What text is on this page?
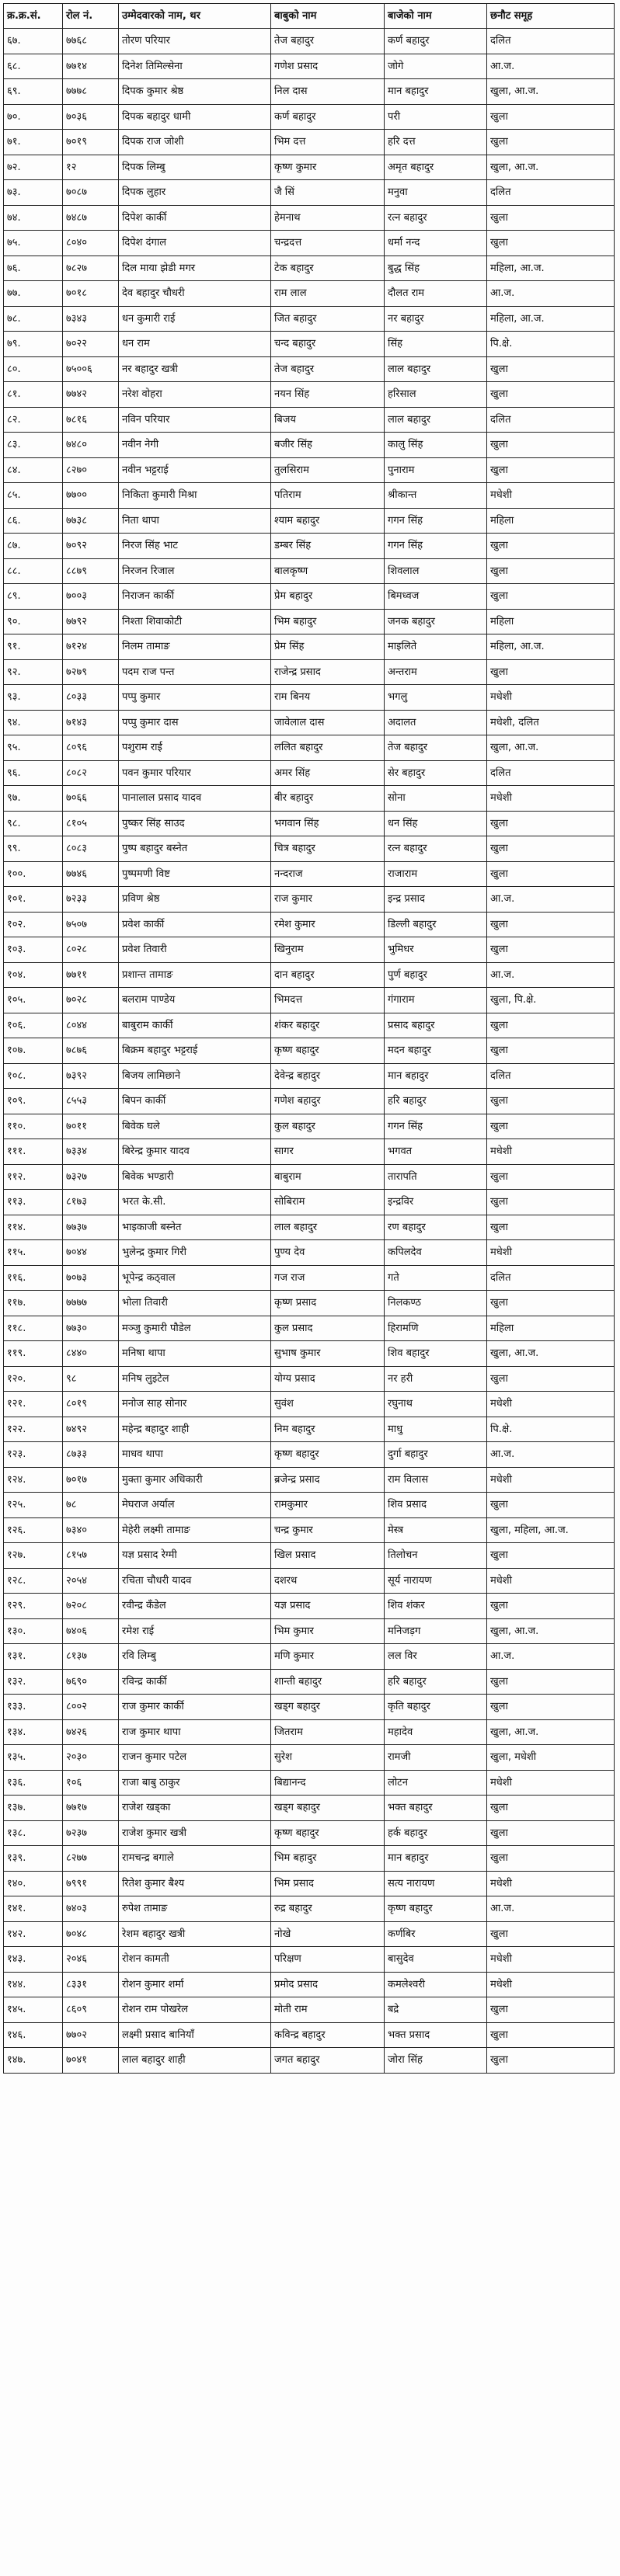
क्र.क्र.सं.	रोल नं.	उम्मेदवारको नाम, थर	बाबुको नाम	बाजेको नाम	छनौट समूह
६७.	७७६८	तोरण परियार	तेज बहादुर	कर्ण बहादुर	दलित
६८.	७७१४	दिनेश तिमिल्सेना	गणेश प्रसाद	जोगे	आ.ज.
६९.	७७७८	दिपक कुमार श्रेष्ठ	निल दास	मान बहादुर	खुला, आ.ज.
७०.	७०३६	दिपक बहादुर धामी	कर्ण बहादुर	परी	खुला
७१.	७०१९	दिपक राज जोशी	भिम दत्त	हरि दत्त	खुला
७२.	१२	दिपक लिम्बु	कृष्ण कुमार	अमृत बहादुर	खुला, आ.ज.
७३.	७०८७	दिपक लुहार	जै सिं	मनुवा	दलित
७४.	७४८७	दिपेश कार्की	हेमनाथ	रत्न बहादुर	खुला
७५.	८०४०	दिपेश दंगाल	चन्द्रदत्त	धर्मा नन्द	खुला
७६.	७८२७	दिल माया झेडी मगर	टेक बहादुर	बुद्ध सिंह	महिला, आ.ज.
७७.	७०१८	देव बहादुर चौधरी	राम लाल	दौलत राम	आ.ज.
७८.	७३४३	धन कुमारी राई	जित बहादुर	नर बहादुर	महिला, आ.ज.
७९.	७०२२	धन राम	चन्द बहादुर	सिंह	पि.क्षे.
८०.	७५००६	नर बहादुर खत्री	तेज बहादुर	लाल बहादुर	खुला
८१.	७७४२	नरेश वोहरा	नयन सिंह	हरिसाल	खुला
८२.	७८१६	नविन परियार	बिजय	लाल बहादुर	दलित
८३.	७४८०	नवीन नेगी	बजीर सिंह	कालु सिंह	खुला
८४.	८२७०	नवीन भट्टराई	तुलसिराम	पुनाराम	खुला
८५.	७७००	निकिता कुमारी मिश्रा	पतिराम	श्रीकान्त	मधेशी
८६.	७७३८	निता थापा	श्याम बहादुर	गगन सिंह	महिला
८७.	७०९२	निरज सिंह भाट	डम्बर सिंह	गगन सिंह	खुला
८८.	८८७९	निरजन रिजाल	बालकृष्ण	शिवलाल	खुला
८९.	७००३	निराजन कार्की	प्रेम बहादुर	बिमध्वज	खुला
९०.	७७९२	निश्ता शिवाकोटी	भिम बहादुर	जनक बहादुर	महिला
९१.	७१२४	निलम तामाङ	प्रेम सिंह	माइलिते	महिला, आ.ज.
९२.	७२७९	पदम राज पन्त	राजेन्द्र प्रसाद	अन्तराम	खुला
९३.	८०३३	पप्पु कुमार	राम बिनय	भगलु	मधेशी
९४.	७१४३	पप्पु कुमार दास	जावेलाल दास	अदालत	मधेशी, दलित
९५.	८०९६	पशुराम राई	ललित बहादुर	तेज बहादुर	खुला, आ.ज.
९६.	८०८२	पवन कुमार परियार	अमर सिंह	सेर बहादुर	दलित
९७.	७०६६	पानालाल प्रसाद यादव	बीर बहादुर	सोना	मधेशी
९८.	८१०५	पुष्कर सिंह साउद	भगवान सिंह	धन सिंह	खुला
९९.	८०८३	पुष्प बहादुर बस्नेत	चित्र बहादुर	रत्न बहादुर	खुला
१००.	७७४६	पुष्पमणी विष्ट	नन्दराज	राजाराम	खुला
१०१.	७२३३	प्रविण श्रेष्ठ	राज कुमार	इन्द्र प्रसाद	आ.ज.
१०२.	७५०७	प्रवेश कार्की	रमेश कुमार	डिल्ली बहादुर	खुला
१०३.	८०२८	प्रवेश तिवारी	खिनुराम	भुमिधर	खुला
१०४.	७७११	प्रशान्त तामाङ	दान बहादुर	पुर्ण बहादुर	आ.ज.
१०५.	७०२८	बलराम पाण्डेय	भिमदत्त	गंगाराम	खुला, पि.क्षे.
१०६.	८०४४	बाबुराम कार्की	शंकर बहादुर	प्रसाद बहादुर	खुला
१०७.	७८७६	बिक्रम बहादुर भट्टराई	कृष्ण बहादुर	मदन बहादुर	खुला
१०८.	७३९२	बिजय लामिछाने	देवेन्द्र बहादुर	मान बहादुर	दलित
१०९.	८५५३	बिपन कार्की	गणेश बहादुर	हरि बहादुर	खुला
११०.	७०११	बिवेक घले	कुल बहादुर	गगन सिंह	खुला
१११.	७३३४	बिरेन्द्र कुमार यादव	सागर	भगवत	मधेशी
११२.	७३२७	बिवेक भण्डारी	बाबुराम	तारापति	खुला
११३.	८१७३	भरत के.सी.	सोबिराम	इन्द्रविर	खुला
११४.	७७३७	भाइकाजी बस्नेत	लाल बहादुर	रण बहादुर	खुला
११५.	७०४४	भुलेन्द्र कुमार गिरी	पुण्य देव	कपिलदेव	मधेशी
११६.	७०७३	भूपेन्द्र कठ्वाल	गज राज	गते	दलित
११७.	७७७७	भोला तिवारी	कृष्ण प्रसाद	निलकण्ठ	खुला
११८.	७७३०	मञ्जु कुमारी पौडेल	कुल प्रसाद	हिरामणि	महिला
११९.	८४४०	मनिषा थापा	सुभाष कुमार	शिव बहादुर	खुला, आ.ज.
१२०.	९८	मनिष लुइटेल	योग्य प्रसाद	नर हरी	खुला
१२१.	८०१९	मनोज साह सोनार	सुवंश	रघुनाथ	मधेशी
१२२.	७४९२	महेन्द्र बहादुर शाही	निम बहादुर	माधु	पि.क्षे.
१२३.	८७३३	माधव थापा	कृष्ण बहादुर	दुर्गा बहादुर	आ.ज.
१२४.	७०१७	मुक्ता कुमार अधिकारी	ब्रजेन्द्र प्रसाद	राम विलास	मधेशी
१२५.	७८	मेघराज अर्याल	रामकुमार	शिव प्रसाद	खुला
१२६.	७३४०	मेहेरी लक्ष्मी तामाङ	चन्द्र कुमार	मेस्त्र	खुला, महिला, आ.ज.
१२७.	८१५७	यज्ञ प्रसाद रेग्मी	खिल प्रसाद	तिलोचन	खुला
१२८.	२०५४	रचिता चौधरी यादव	दशरथ	सूर्य नारायण	मधेशी
१२९.	७२०८	रवीन्द्र कँडेल	यज्ञ प्रसाद	शिव शंकर	खुला
१३०.	७४०६	रमेश राई	भिम कुमार	मनिजड़ग	खुला, आ.ज.
१३१.	८१३७	रवि लिम्बु	मणि कुमार	लल विर	आ.ज.
१३२.	७६९०	रविन्द्र कार्की	शान्ती बहादुर	हरि बहादुर	खुला
१३३.	८००२	राज कुमार कार्की	खड्ग बहादुर	कृति बहादुर	खुला
१३४.	७४२६	राज कुमार थापा	जितराम	महादेव	खुला, आ.ज.
१३५.	२०३०	राजन कुमार पटेल	सुरेश	रामजी	खुला, मधेशी
१३६.	१०६	राजा बाबु ठाकुर	बिद्यानन्द	लोटन	मधेशी
१३७.	७७१७	राजेश खड्का	खड्ग बहादुर	भक्त बहादुर	खुला
१३८.	७२३७	राजेश कुमार खत्री	कृष्ण बहादुर	हर्क बहादुर	खुला
१३९.	८२७७	रामचन्द्र बगाले	भिम बहादुर	मान बहादुर	खुला
१४०.	७९९१	रितेश कुमार बैश्य	भिम प्रसाद	सत्य नारायण	मधेशी
१४१.	७४०३	रुपेश तामाङ	रुद्र बहादुर	कृष्ण बहादुर	आ.ज.
१४२.	७०४८	रेशम बहादुर खत्री	नोखे	कर्णबिर	खुला
१४३.	२०४६	रोशन कामती	परिक्षण	बासुदेव	मधेशी
१४४.	८३३१	रोशन कुमार शर्मा	प्रमोद प्रसाद	कमलेश्वरी	मधेशी
१४५.	८६०९	रोशन राम पोखरेल	मोती राम	बद्रे	खुला
१४६.	७७०२	लक्ष्मी प्रसाद बानियाँ	कविन्द्र बहादुर	भक्त प्रसाद	खुला
१४७.	७०४१	लाल बहादुर शाही	जगत बहादुर	जोरा सिंह	खुला
